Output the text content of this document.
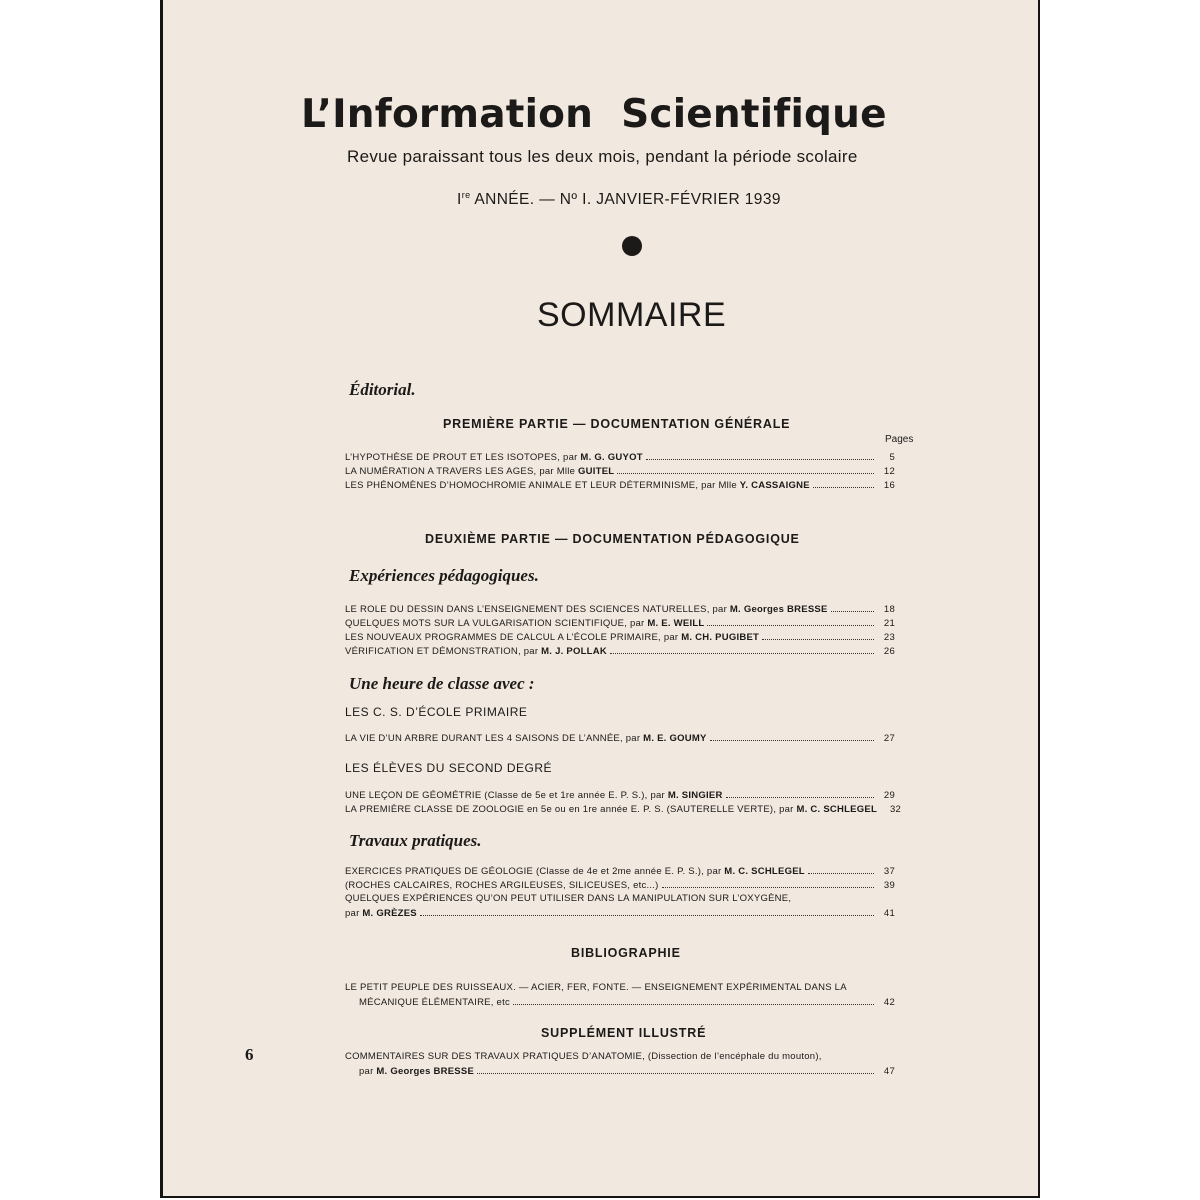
L’Information Scientifique
Revue paraissant tous les deux mois, pendant la période scolaire
Ire ANNÉE. — Nº I. JANVIER-FÉVRIER 1939
SOMMAIRE
Éditorial.
PREMIÈRE PARTIE — DOCUMENTATION GÉNÉRALE
Pages
L’HYPOTHÈSE DE PROUT ET LES ISOTOPES, par M. G. GUYOT	5
LA NUMÉRATION A TRAVERS LES AGES, par Mlle GUITEL	12
LES PHÉNOMÈNES D’HOMOCHROMIE ANIMALE ET LEUR DÉTERMINISME, par Mlle Y. CASSAIGNE	16
DEUXIÈME PARTIE — DOCUMENTATION PÉDAGOGIQUE
Expériences pédagogiques.
LE ROLE DU DESSIN DANS L’ENSEIGNEMENT DES SCIENCES NATURELLES, par M. Georges BRESSE	18
QUELQUES MOTS SUR LA VULGARISATION SCIENTIFIQUE, par M. E. WEILL	21
LES NOUVEAUX PROGRAMMES DE CALCUL A L’ÉCOLE PRIMAIRE, par M. CH. PUGIBET	23
VÉRIFICATION ET DÉMONSTRATION, par M. J. POLLAK	26
Une heure de classe avec :
LES C. S. D’ÉCOLE PRIMAIRE
LA VIE D’UN ARBRE DURANT LES 4 SAISONS DE L’ANNÉE, par M. E. GOUMY	27
LES ÉLÈVES DU SECOND DEGRÉ
UNE LEÇON DE GÉOMÉTRIE (Classe de 5e et 1re année E. P. S.), par M. SINGIER	29
LA PREMIÈRE CLASSE DE ZOOLOGIE en 5e ou en 1re année E. P. S. (SAUTERELLE VERTE), par M. C. SCHLEGEL	32
Travaux pratiques.
EXERCICES PRATIQUES DE GÉOLOGIE (Classe de 4e et 2me année E. P. S.), par M. C. SCHLEGEL	37
(ROCHES CALCAIRES, ROCHES ARGILEUSES, SILICEUSES, etc...)	39
QUELQUES EXPÉRIENCES QU’ON PEUT UTILISER DANS LA MANIPULATION SUR L’OXYGÈNE,
par M. GRÈZES	41
BIBLIOGRAPHIE
LE PETIT PEUPLE DES RUISSEAUX. — ACIER, FER, FONTE. — ENSEIGNEMENT EXPÉRIMENTAL DANS LA
MÉCANIQUE ÉLÉMENTAIRE, etc	42
SUPPLÉMENT ILLUSTRÉ
COMMENTAIRES SUR DES TRAVAUX PRATIQUES D’ANATOMIE, (Dissection de l’encéphale du mouton),
par M. Georges BRESSE	47
6
